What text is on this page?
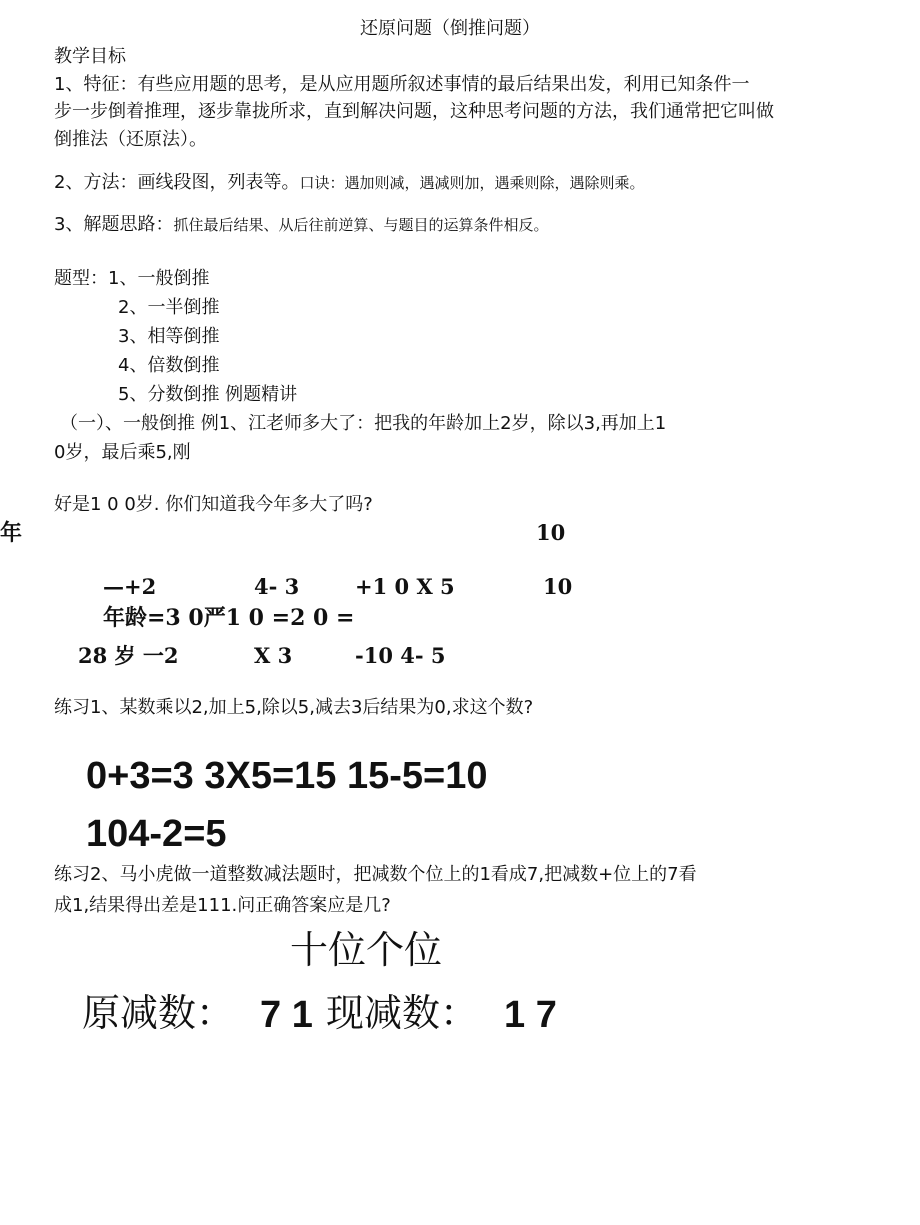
还原问题（倒推问题）
教学目标
1、特征：有些应用题的思考，是从应用题所叙述事情的最后结果出发，利用已知条件一
步一步倒着推理，逐步靠拢所求，直到解决问题，这种思考问题的方法，我们通常把它叫做
倒推法（还原法）。
2、方法：画线段图，列表等。口诀：遇加则减，遇减则加，遇乘则除，遇除则乘。
3、解题思路：抓住最后结果、从后往前逆算、与题目的运算条件相反。
题型：1、一般倒推
2、一半倒推
3、相等倒推
4、倍数倒推
5、分数倒推 例题精讲
（一）、一般倒推 例1、江老师多大了：把我的年龄加上2岁，除以3,再加上1
0岁，最后乘5,刚
好是1 0 0岁. 你们知道我今年多大了吗?
年	10
—+2	4- 3	+1 0 X 5	10
年龄=3 0严1 0 =2 0 =
28 岁 一2	X 3	-10 4- 5
练习1、某数乘以2,加上5,除以5,减去3后结果为0,求这个数?
0+3=3 3X5=15 15-5=10
104-2=5
练习2、马小虎做一道整数减法题时，把减数个位上的1看成7,把减数+位上的7看
成1,结果得出差是111.问正确答案应是几?
十位个位
原减数： 7 1 现减数： 1 7
